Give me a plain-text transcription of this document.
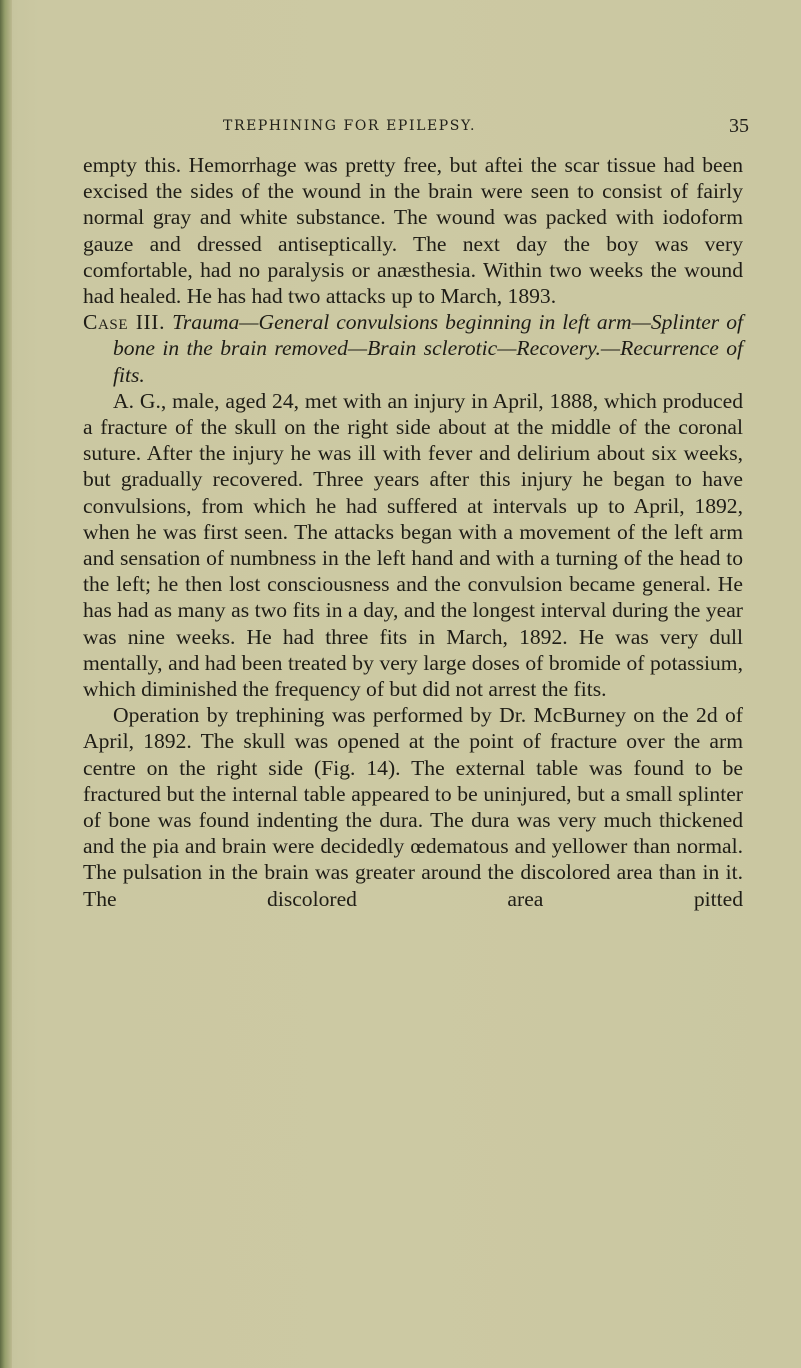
TREPHINING FOR EPILEPSY.	35

empty this. Hemorrhage was pretty free, but aftei the scar tissue had been excised the sides of the wound in the brain were seen to consist of fairly normal gray and white substance. The wound was packed with iodoform gauze and dressed antiseptically. The next day the boy was very comfortable, had no paralysis or anæsthesia. Within two weeks the wound had healed. He has had two attacks up to March, 1893.

Case III. Trauma—General convulsions beginning in left arm—Splinter of bone in the brain removed—Brain sclerotic—Recovery.—Recurrence of fits.

A. G., male, aged 24, met with an injury in April, 1888, which produced a fracture of the skull on the right side about at the middle of the coronal suture. After the injury he was ill with fever and delirium about six weeks, but gradually recovered. Three years after this injury he began to have convulsions, from which he had suffered at intervals up to April, 1892, when he was first seen. The attacks began with a movement of the left arm and sensation of numbness in the left hand and with a turning of the head to the left; he then lost consciousness and the convulsion became general. He has had as many as two fits in a day, and the longest interval during the year was nine weeks. He had three fits in March, 1892. He was very dull mentally, and had been treated by very large doses of bromide of potassium, which diminished the frequency of but did not arrest the fits.

Operation by trephining was performed by Dr. McBurney on the 2d of April, 1892. The skull was opened at the point of fracture over the arm centre on the right side (Fig. 14). The external table was found to be fractured but the internal table appeared to be uninjured, but a small splinter of bone was found indenting the dura. The dura was very much thickened and the pia and brain were decidedly œdematous and yellower than normal. The pulsation in the brain was greater around the discolored area than in it. The discolored area pitted
